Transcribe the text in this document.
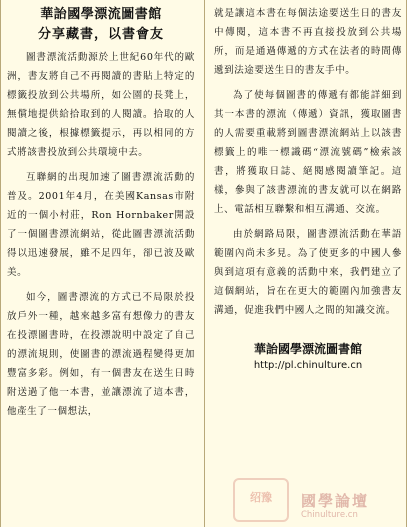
華詒國學漂流圖書館
分享藏書，以書會友

圖書漂流活動源於上世紀60年代的歐洲，書友將自己不再閱讀的書貼上特定的標籤投放到公共場所，如公園的長凳上，無償地提供給拾取到的人閱讀。拾取的人閱讀之後，根據標籤提示，再以相同的方式將該書投放到公共環境中去。

互聯網的出現加速了圖書漂流活動的普及。2001年4月，在美國Kansas市附近的一個小村莊，Ron Hornbaker開設了一個圖書漂流網站，從此圖書漂流活動得以迅速發展，雖不足四年，卻已波及歐美。

如今，圖書漂流的方式已不局限於投放戶外一種，越來越多富有想像力的書友在投漂圖書時，在投漂說明中設定了自己的漂流規則，使圖書的漂流過程變得更加豐富多彩。例如，有一個書友在送生日時附送過了他一本書，並讓漂流了這本書，他產生了一個想法，

就是讓這本書在每個法途要送生日的書友中傳閱，這本書不再直接投放到公共場所，而是通過傳遞的方式在法者的時間傳遞到法途要送生日的書友手中。

為了使每個圖書的傳遞有都能詳細到其一本書的漂流（傳遞）資訊，獲取圖書的人需要重載將到圖書漂流網站上以該書標籤上的唯一標識碼“漂流號碼”檢索該書，將獲取日誌、絕閱感閱讀筆記。這樣，參與了該書漂流的書友就可以在網路上、電話相互聯繫和相互溝通、交流。

由於網路局限，圖書漂流活動在華語範圍內尚未多見。為了使更多的中國人參與到這項有意義的活動中來，我們建立了這個網站，旨在在更大的範圍內加強書友溝通，促進我們中國人之間的知識交流。

華詒國學漂流圖書館
http://pl.chinulture.cn
绍豫	國學論壇
Chinulture.cn
